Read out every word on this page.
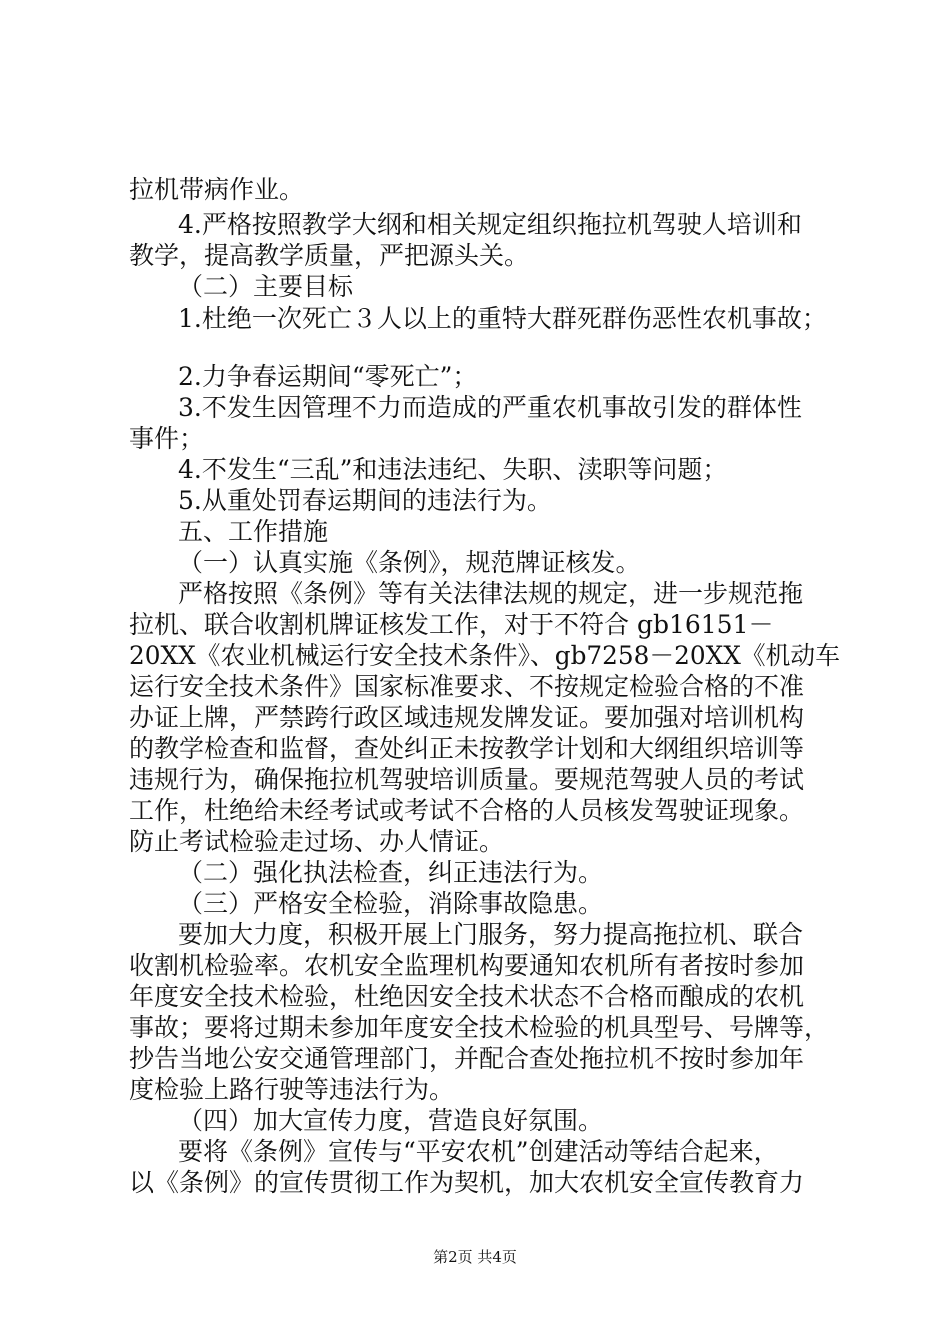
拉机带病作业。
4.严格按照教学大纲和相关规定组织拖拉机驾驶人培训和
教学，提高教学质量，严把源头关。
（二）主要目标
1.杜绝一次死亡３人以上的重特大群死群伤恶性农机事故；
2.力争春运期间“零死亡”；
3.不发生因管理不力而造成的严重农机事故引发的群体性
事件；
4.不发生“三乱”和违法违纪、失职、渎职等问题；
5.从重处罚春运期间的违法行为。
五、工作措施
（一）认真实施《条例》，规范牌证核发。
严格按照《条例》等有关法律法规的规定，进一步规范拖
拉机、联合收割机牌证核发工作，对于不符合 gb16151－
20XX《农业机械运行安全技术条件》、gb7258－20XX《机动车
运行安全技术条件》国家标准要求、不按规定检验合格的不准
办证上牌，严禁跨行政区域违规发牌发证。要加强对培训机构
的教学检查和监督，查处纠正未按教学计划和大纲组织培训等
违规行为，确保拖拉机驾驶培训质量。要规范驾驶人员的考试
工作，杜绝给未经考试或考试不合格的人员核发驾驶证现象。
防止考试检验走过场、办人情证。
（二）强化执法检查，纠正违法行为。
（三）严格安全检验，消除事故隐患。
要加大力度，积极开展上门服务，努力提高拖拉机、联合
收割机检验率。农机安全监理机构要通知农机所有者按时参加
年度安全技术检验，杜绝因安全技术状态不合格而酿成的农机
事故；要将过期未参加年度安全技术检验的机具型号、号牌等，
抄告当地公安交通管理部门，并配合查处拖拉机不按时参加年
度检验上路行驶等违法行为。
（四）加大宣传力度，营造良好氛围。
要将《条例》宣传与“平安农机”创建活动等结合起来，
以《条例》的宣传贯彻工作为契机，加大农机安全宣传教育力
第2页 共4页
